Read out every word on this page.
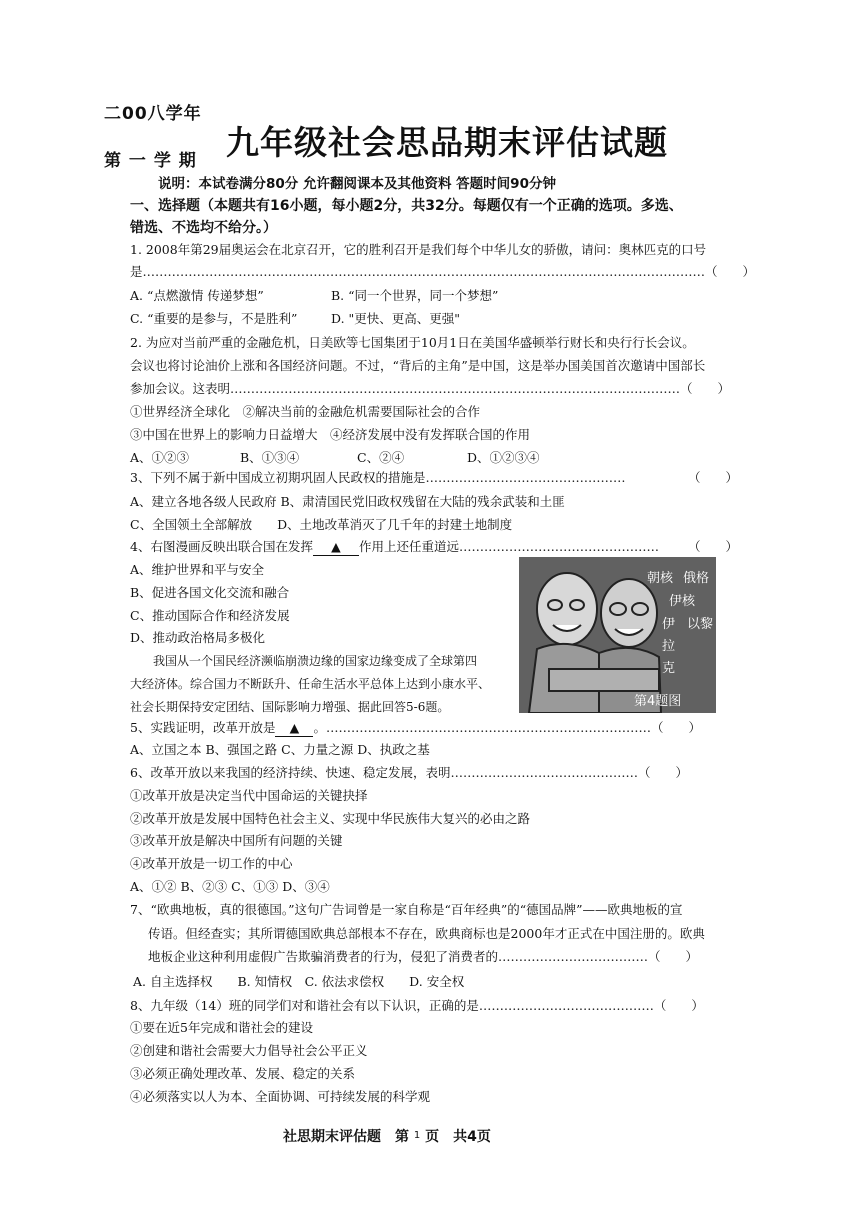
二00八学年
第 一 学 期 九年级社会思品期末评估试题
说明：本试卷满分80分 允许翻阅课本及其他资料 答题时间90分钟
一、选择题（本题共有16小题，每小题2分，共32分。每题仅有一个正确的选项。多选、
错选、不选均不给分。）
1. 2008年第29届奥运会在北京召开，它的胜利召开是我们每个中华儿女的骄傲，请问：奥林匹克的口号
是………………………………………………………………………………………………………………………（　　）
A. “点燃激情 传递梦想”	B. “同一个世界，同一个梦想”
C. “重要的是参与，不是胜利”	D. "更快、更高、更强"
2. 为应对当前严重的金融危机，日美欧等七国集团于10月1日在美国华盛顿举行财长和央行行长会议。
会议也将讨论油价上涨和各国经济问题。不过，“背后的主角”是中国，这是举办国美国首次邀请中国部长
参加会议。这表明………………………………………………………………………………………………（　　）
①世界经济全球化　②解决当前的金融危机需要国际社会的合作
③中国在世界上的影响力日益增大　④经济发展中没有发挥联合国的作用
A、①②③	B、①③④	C、②④	D、①②③④
3、下列不属于新中国成立初期巩固人民政权的措施是…………………………………………	（　　）
A、建立各地各级人民政府 B、肃清国民党旧政权残留在大陆的残余武装和土匪
C、全国领土全部解放　　D、土地改革消灭了几千年的封建土地制度
4、右图漫画反映出联合国在发挥 ▲ 作用上还任重道远………………………………………… （　　）
A、维护世界和平与安全
B、促进各国文化交流和融合
C、推动国际合作和经济发展
D、推动政治格局多极化
朝核 俄格
伊核
伊 以黎
拉
克
第4题图
我国从一个国民经济濒临崩溃边缘的国家边缘变成了全球第四
大经济体。综合国力不断跃升、任命生活水平总体上达到小康水平、
社会长期保持安定团结、国际影响力增强、据此回答5-6题。
5、实践证明，改革开放是 ▲ 。……………………………………………………………………（　　）
A、立国之本 B、强国之路 C、力量之源 D、执政之基
6、改革开放以来我国的经济持续、快速、稳定发展，表明………………………………………（　　）
①改革开放是决定当代中国命运的关键抉择
②改革开放是发展中国特色社会主义、实现中华民族伟大复兴的必由之路
③改革开放是解决中国所有问题的关键
④改革开放是一切工作的中心
A、①② B、②③ C、①③ D、③④
7、“欧典地板，真的很德国。”这句广告词曾是一家自称是“百年经典”的“德国品牌”——欧典地板的宣
传语。但经查实；其所谓德国欧典总部根本不存在，欧典商标也是2000年才正式在中国注册的。欧典
地板企业这种利用虚假广告欺骗消费者的行为，侵犯了消费者的………………………………（　　）
A. 自主选择权　　B. 知情权　C. 依法求偿权　　D. 安全权
8、九年级（14）班的同学们对和谐社会有以下认识，正确的是……………………………………（　　）
①要在近5年完成和谐社会的建设
②创建和谐社会需要大力倡导社会公平正义
③必须正确处理改革、发展、稳定的关系
④必须落实以人为本、全面协调、可持续发展的科学观
社思期末评估题　第 $^1$ 页　共4页
